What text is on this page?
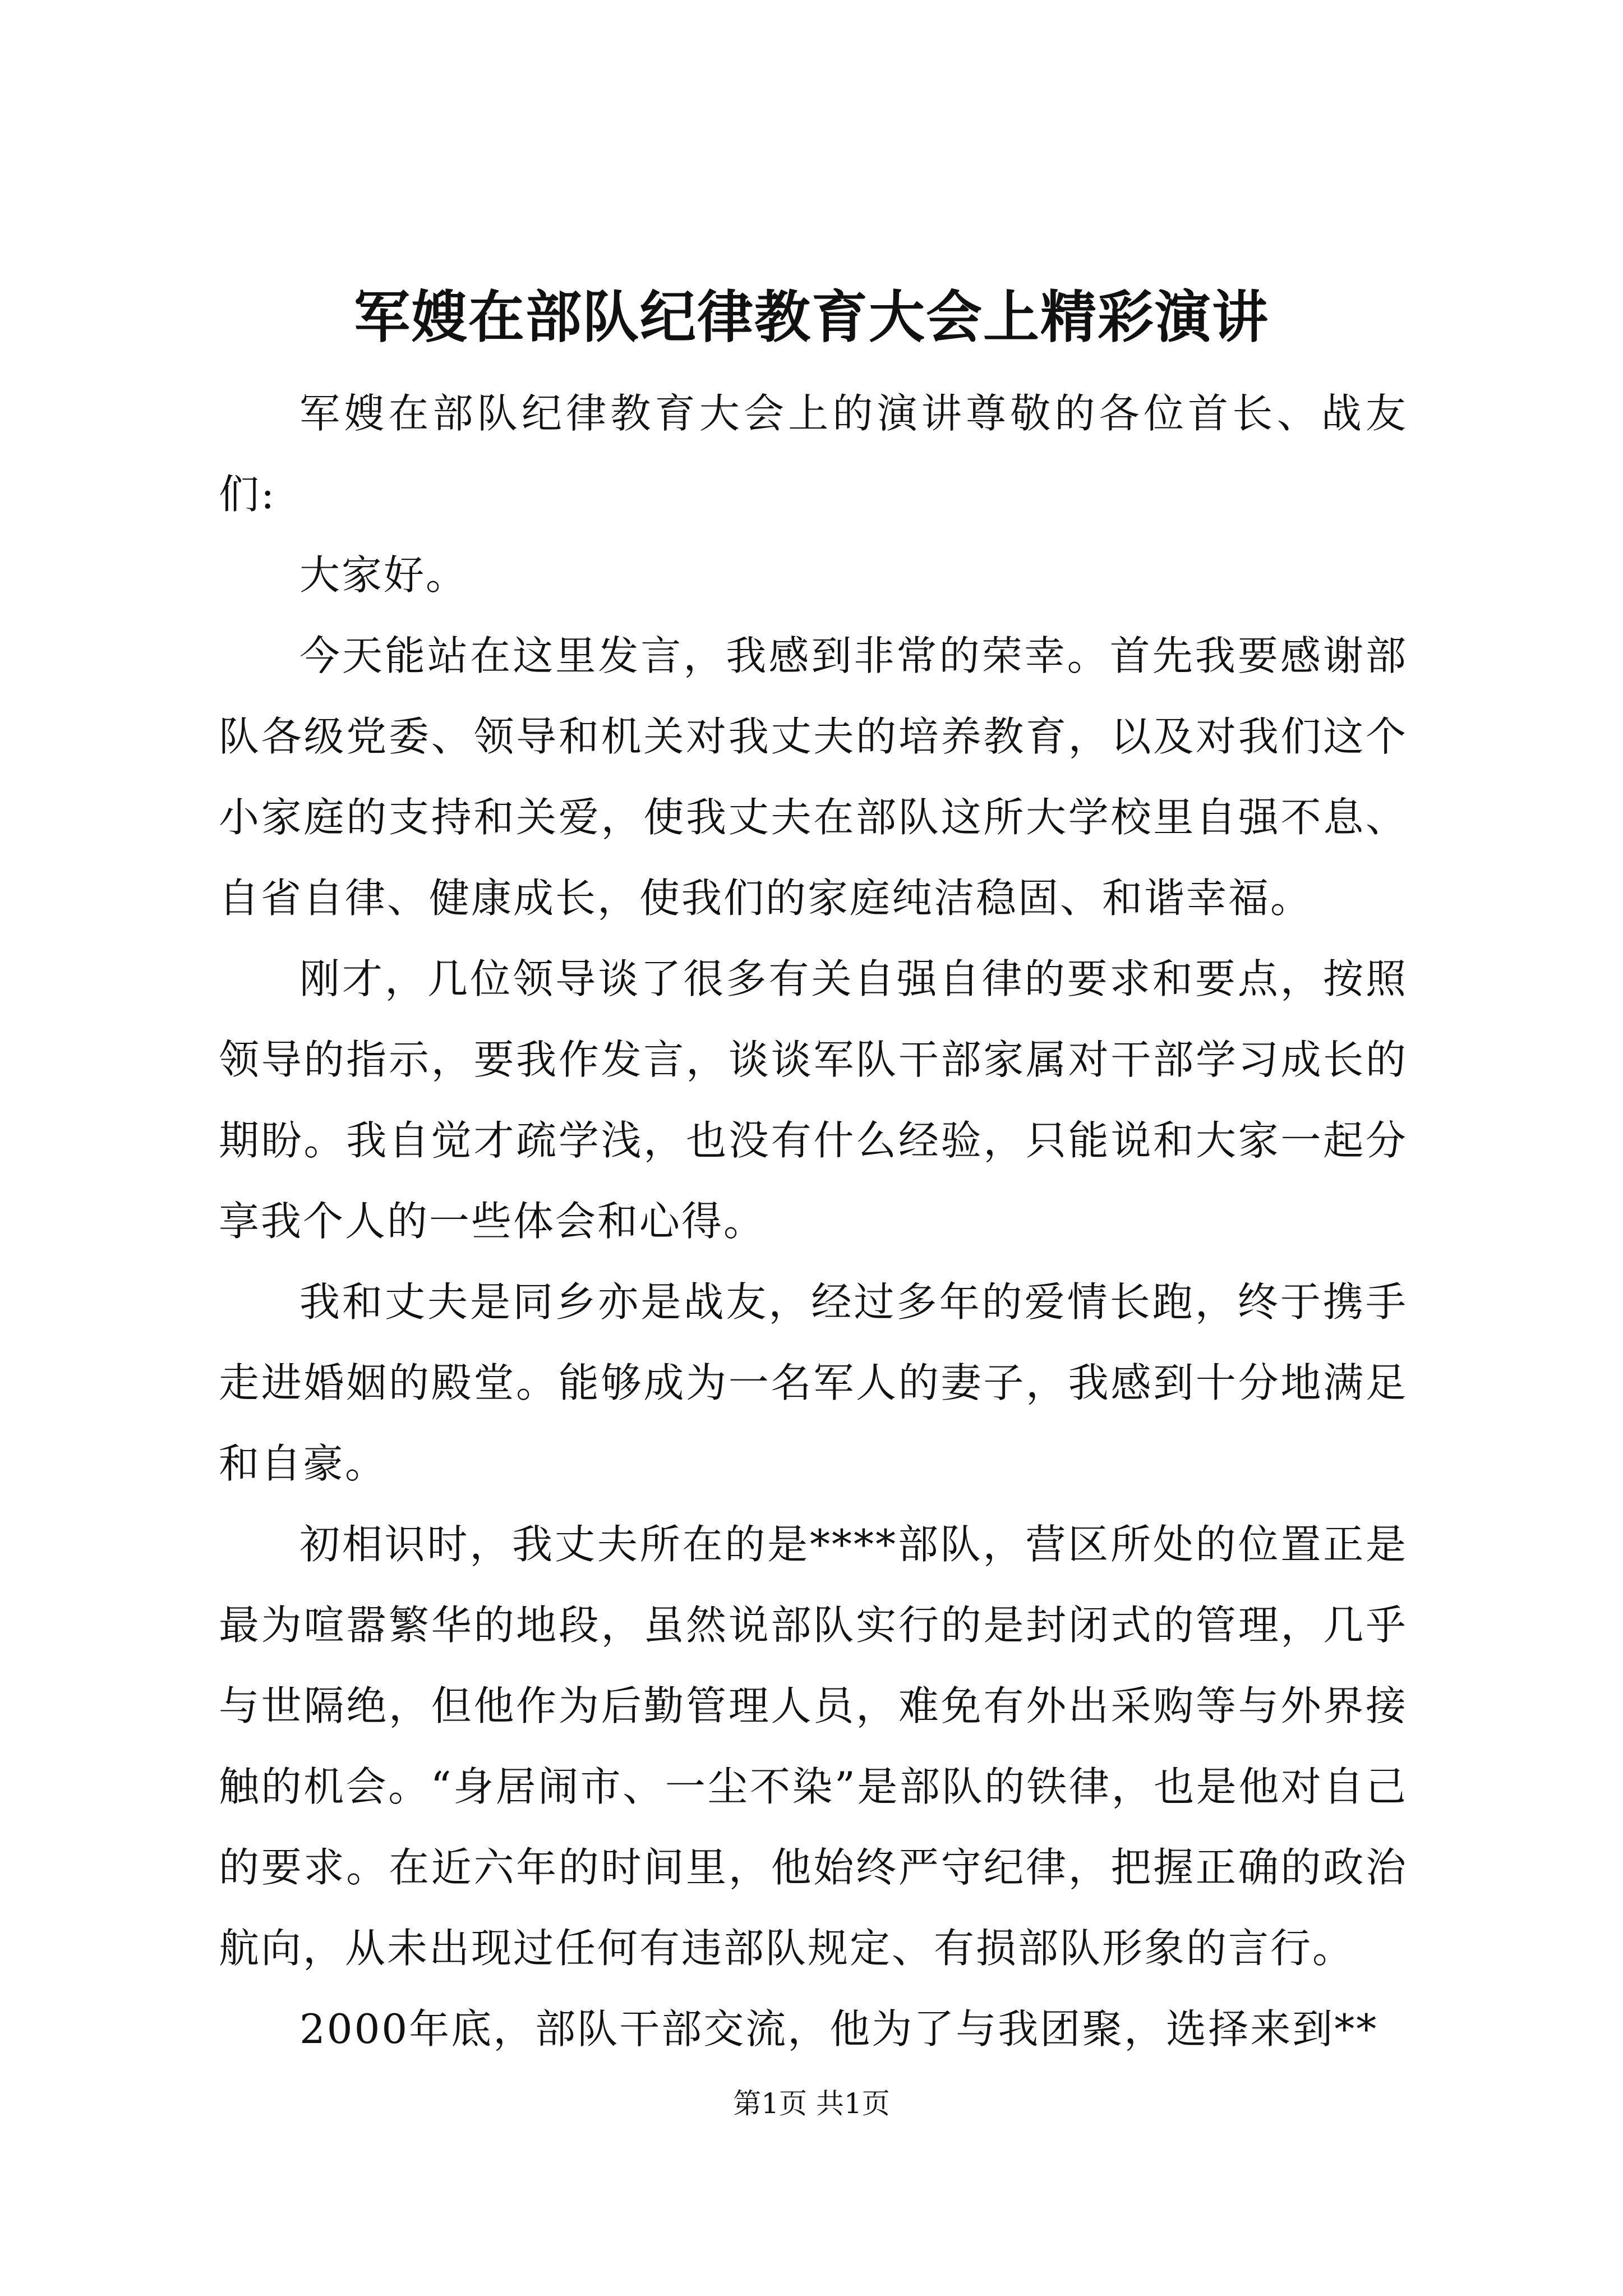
军嫂在部队纪律教育大会上精彩演讲

军嫂在部队纪律教育大会上的演讲尊敬的各位首长、战友们:

大家好。

今天能站在这里发言，我感到非常的荣幸。首先我要感谢部队各级党委、领导和机关对我丈夫的培养教育，以及对我们这个小家庭的支持和关爱，使我丈夫在部队这所大学校里自强不息、自省自律、健康成长，使我们的家庭纯洁稳固、和谐幸福。

刚才，几位领导谈了很多有关自强自律的要求和要点，按照领导的指示，要我作发言，谈谈军队干部家属对干部学习成长的期盼。我自觉才疏学浅，也没有什么经验，只能说和大家一起分享我个人的一些体会和心得。

我和丈夫是同乡亦是战友，经过多年的爱情长跑，终于携手走进婚姻的殿堂。能够成为一名军人的妻子，我感到十分地满足和自豪。

初相识时，我丈夫所在的是****部队，营区所处的位置正是最为喧嚣繁华的地段，虽然说部队实行的是封闭式的管理，几乎与世隔绝，但他作为后勤管理人员，难免有外出采购等与外界接触的机会。“身居闹市、一尘不染”是部队的铁律，也是他对自己的要求。在近六年的时间里，他始终严守纪律，把握正确的政治航向，从未出现过任何有违部队规定、有损部队形象的言行。

2000年底，部队干部交流，他为了与我团聚，选择来到**

第1页 共1页
